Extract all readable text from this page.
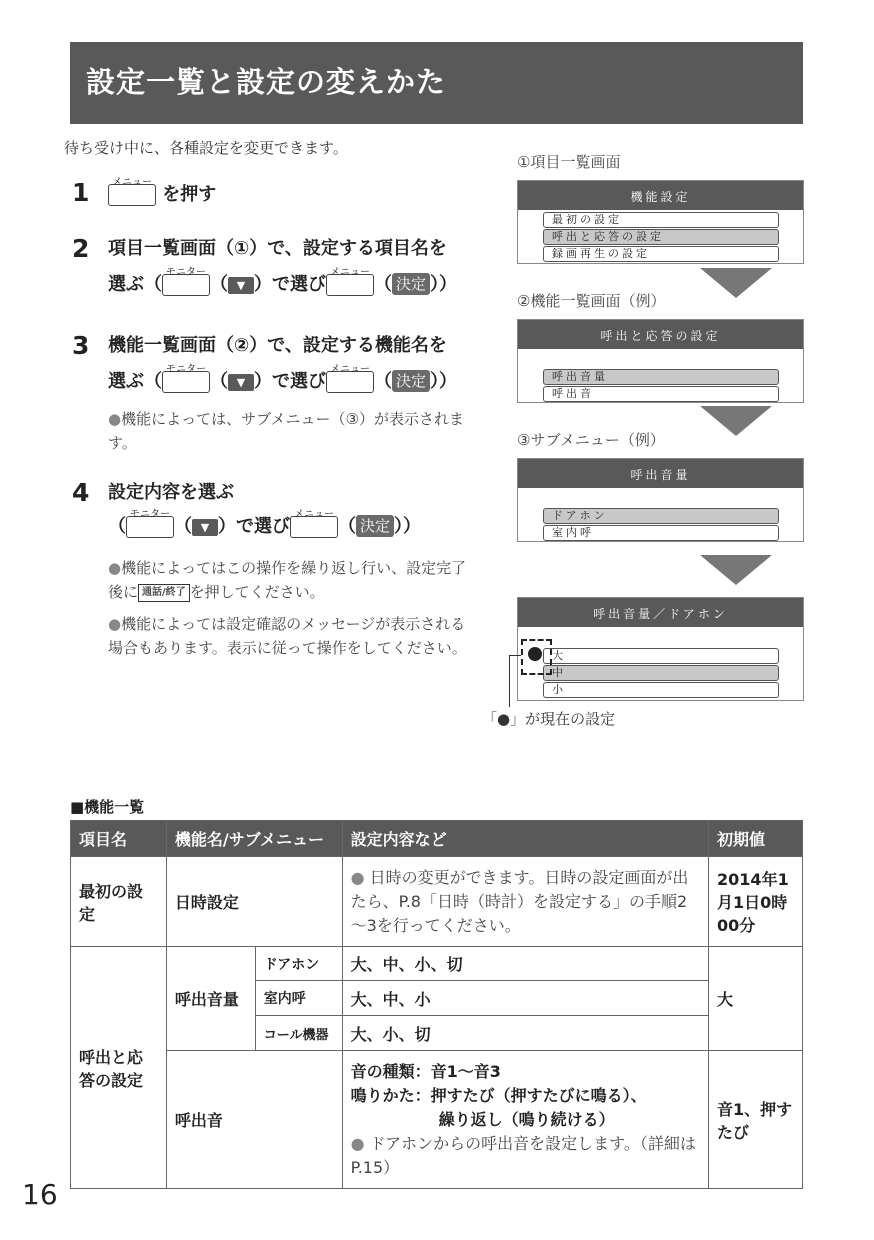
設定一覧と設定の変えかた
待ち受け中に、各種設定を変更できます。
1	メニュー
を押す
2 項目一覧画面（①）で、設定する項目名を
選ぶ（
モニター
（ ▼ ）で選び
メニュー
（ 決定 ））
3 機能一覧画面（②）で、設定する機能名を
選ぶ（
モニター
（ ▼ ）で選び
メニュー
（ 決定 ））
●機能によっては、サブメニュー（③）が表示されます。
4 設定内容を選ぶ
（
モニター
（ ▼ ）で選び
メニュー
（ 決定 ））
●機能によってはこの操作を繰り返し行い、設定完了後に 通話/終了 を押してください。
●機能によっては設定確認のメッセージが表示される場合もあります。表示に従って操作をしてください。
①項目一覧画面
機能設定
最初の設定
呼出と応答の設定
録画再生の設定
②機能一覧画面（例）
呼出と応答の設定
呼出音量
呼出音
③サブメニュー（例）
呼出音量
ドアホン
室内呼
呼出音量／ドアホン
大
中
小
「●」が現在の設定
■機能一覧
項目名	機能名/サブメニュー		設定内容など	初期値
最初の設定	日時設定		● 日時の変更ができます。日時の設定画面が出たら、P.8「日時（時計）を設定する」の手順2～3を行ってください。	2014年1月1日0時00分
呼出と応答の設定	呼出音量	ドアホン	大、中、小、切	大
		室内呼	大、中、小	
		コール機器	大、小、切	
	呼出音		音の種類：音1～音3
鳴りかた：押すたび（押すたびに鳴る）、
繰り返し（鳴り続ける）
● ドアホンからの呼出音を設定します。（詳細はP.15）	音1、押すたび
16
